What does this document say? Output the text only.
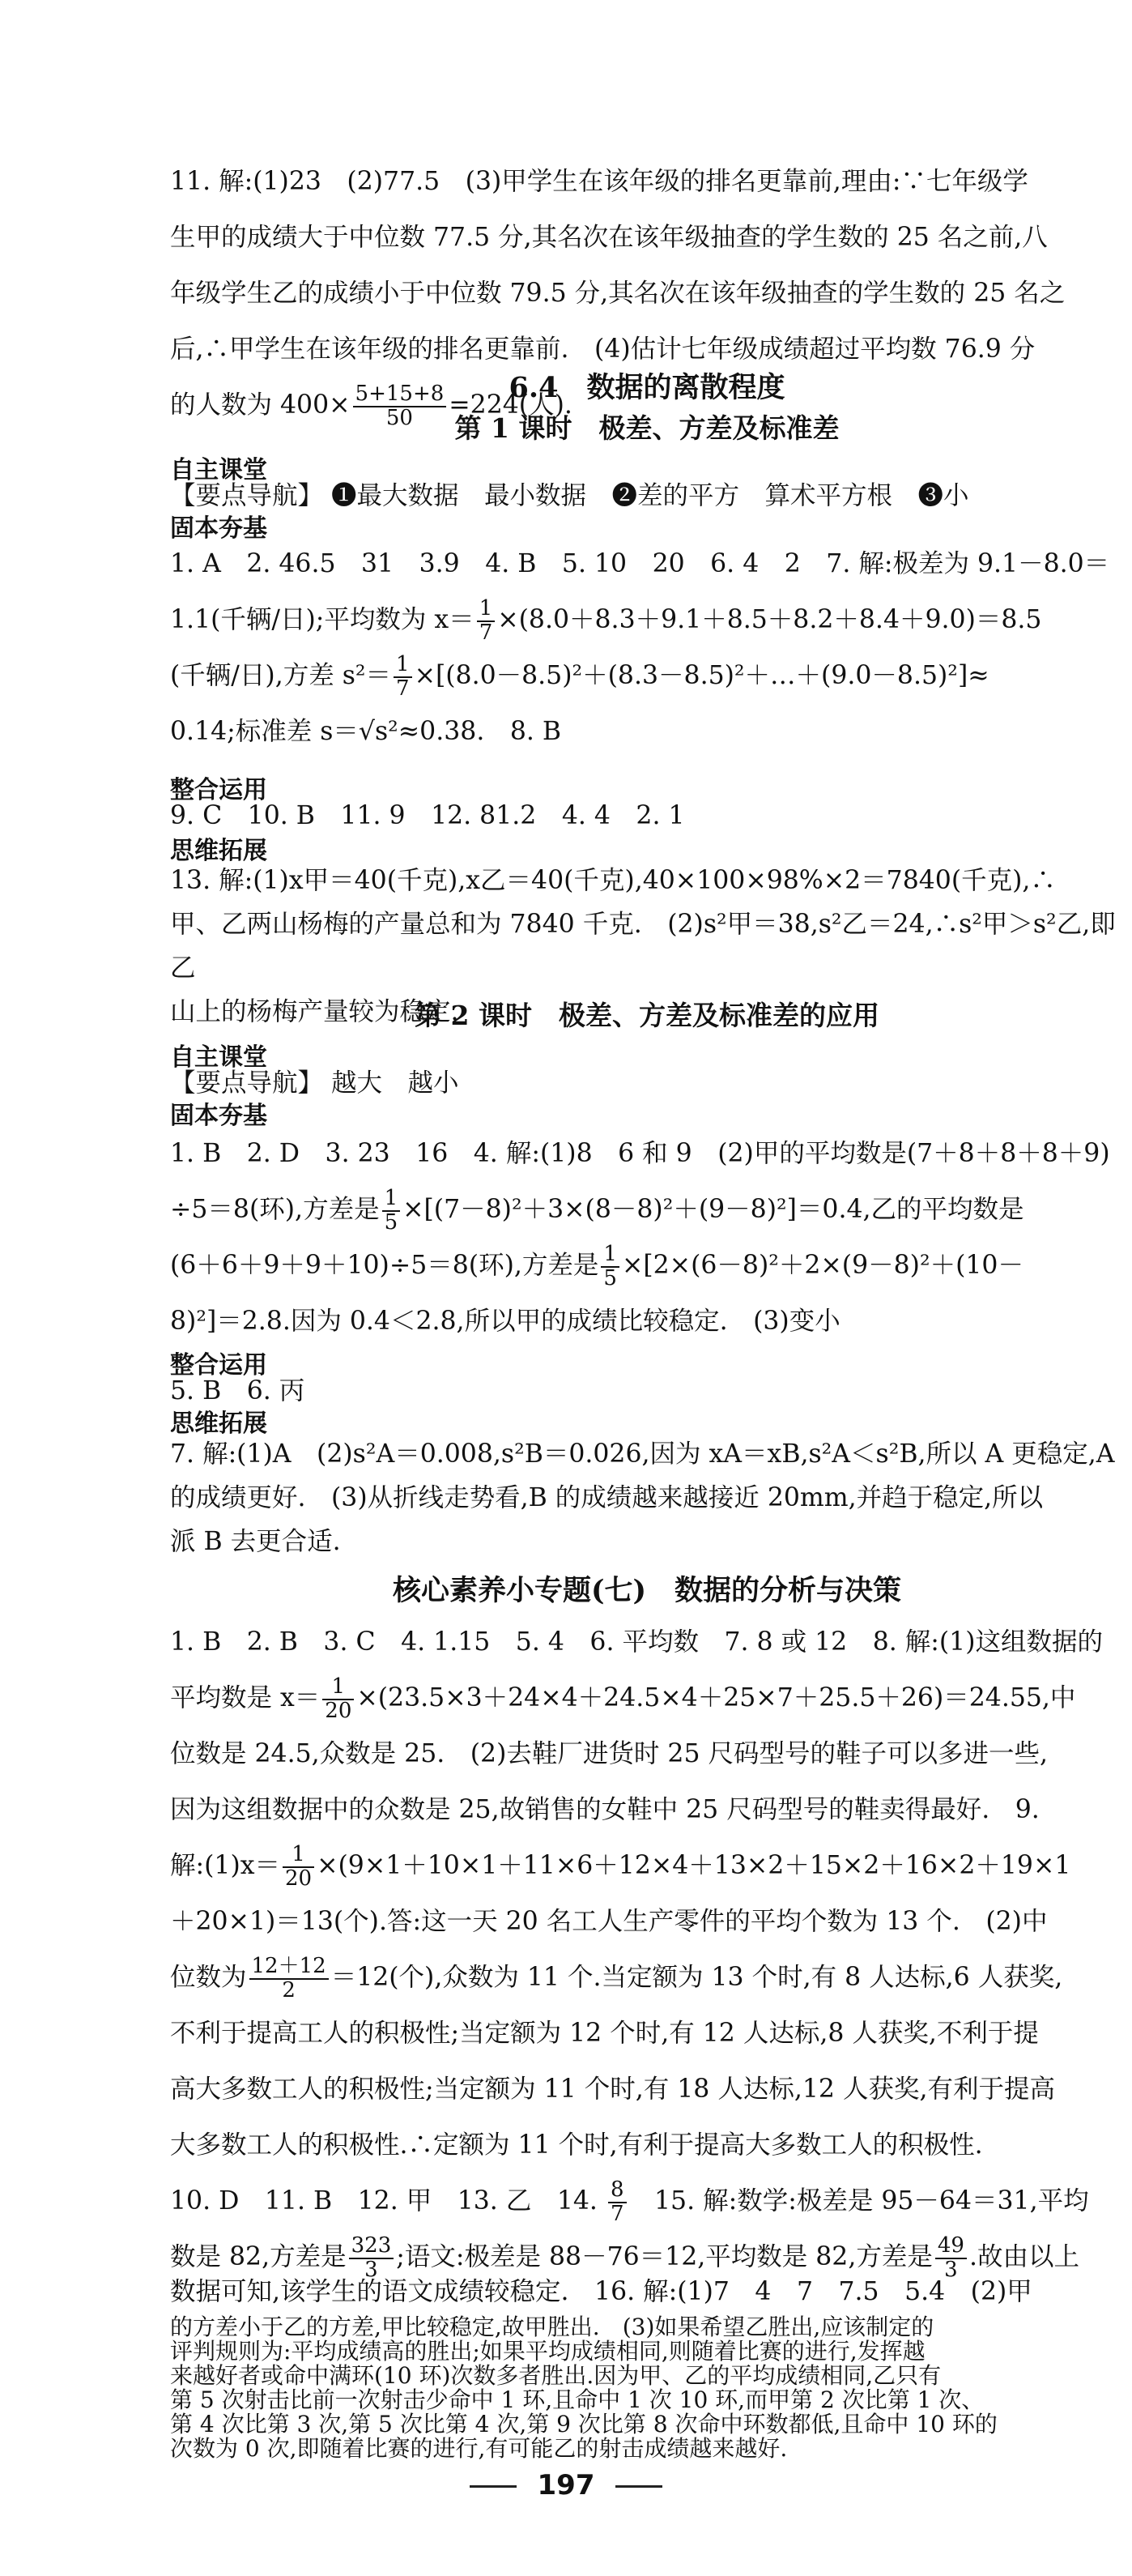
11. 解:(1)23　(2)77.5　(3)甲学生在该年级的排名更靠前,理由:∵七年级学
生甲的成绩大于中位数 77.5 分,其名次在该年级抽查的学生数的 25 名之前,八
年级学生乙的成绩小于中位数 79.5 分,其名次在该年级抽查的学生数的 25 名之
后,∴甲学生在该年级的排名更靠前.　(4)估计七年级成绩超过平均数 76.9 分
的人数为 $400\times \frac{5+15+8}{50} =224$(人).
6.4　数据的离散程度
第 1 课时　极差、方差及标准差
自主课堂
【要点导航】 ❶最大数据　最小数据　❷差的平方　算术平方根　❸小
固本夯基
1. A　2. 46.5　31　3.9　4. B　5. 10　20　6. 4　2　7. 解:极差为 9.1－8.0＝
1.1(千辆/日);平均数为 $x= \frac{1}{7} \times(8.0+8.3+9.1+8.5+8.2+8.4+9.0)=8.5$
(千辆/日),方差 $s^2= \frac{1}{7}$ ×[(8.0－8.5)²＋(8.3－8.5)²＋…＋(9.0－8.5)²]≈
0.14;标准差 s＝√s²≈0.38.　8. B
整合运用
9. C　10. B　11. 9　12. 81.2　4. 4　2. 1
思维拓展
13. 解:(1)x甲＝40(千克),x乙＝40(千克),40×100×98%×2＝7840(千克),∴
甲、乙两山杨梅的产量总和为 7840 千克.　(2)s²甲＝38,s²乙＝24,∴s²甲＞s²乙,即乙
山上的杨梅产量较为稳定.
第 2 课时　极差、方差及标准差的应用
自主课堂
【要点导航】 越大　越小
固本夯基
1. B　2. D　3. 23　16　4. 解:(1)8　6 和 9　(2)甲的平均数是(7＋8＋8＋8＋9)
÷5＝8(环),方差是 $\frac{1}{5} \times[(7-8)^2+3\times(8-8)^2+(9-8)^2]=0.4$,乙的平均数是
(6＋6＋9＋9＋10)÷5＝8(环),方差是 $\frac{1}{5} \times[2\times(6-8)^2+2\times(9-8)^2+(10-$
8)²]＝2.8.因为 0.4＜2.8,所以甲的成绩比较稳定.　(3)变小
整合运用
5. B　6. 丙
思维拓展
7. 解:(1)A　(2)s²A＝0.008,s²B＝0.026,因为 xA＝xB,s²A＜s²B,所以 A 更稳定,A
的成绩更好.　(3)从折线走势看,B 的成绩越来越接近 20mm,并趋于稳定,所以
派 B 去更合适.
核心素养小专题(七)　数据的分析与决策
1. B　2. B　3. C　4. 1.15　5. 4　6. 平均数　7. 8 或 12　8. 解:(1)这组数据的
平均数是 $x= \frac{1}{20} \times(23.5\times 3+24\times 4+24.5\times 4+25\times 7+25.5+26)=24.55$,中
位数是 24.5,众数是 25.　(2)去鞋厂进货时 25 尺码型号的鞋子可以多进一些,
因为这组数据中的众数是 25,故销售的女鞋中 25 尺码型号的鞋卖得最好.　9.
解:(1)x＝ $\frac{1}{20} \times(9\times 1+10\times 1+11\times 6+12\times 4+13\times 2+15\times 2+16\times 2+19\times 1$
＋20×1)＝13(个).答:这一天 20 名工人生产零件的平均个数为 13 个.　(2)中
位数为 $\frac{12+12}{2} =12$(个),众数为 11 个.当定额为 13 个时,有 8 人达标,6 人获奖,
不利于提高工人的积极性;当定额为 12 个时,有 12 人达标,8 人获奖,不利于提
高大多数工人的积极性;当定额为 11 个时,有 18 人达标,12 人获奖,有利于提高
大多数工人的积极性.∴定额为 11 个时,有利于提高大多数工人的积极性.
10. D　11. B　12. 甲　13. 乙　14. $\frac{8}{7}$ 　15. 解:数学:极差是 95－64＝31,平均
数是 82,方差是 $\frac{323}{3}$ ;语文:极差是 88－76＝12,平均数是 82,方差是 $\frac{49}{3}$ .故由以上
数据可知,该学生的语文成绩较稳定.　16. 解:(1)7　4　7　7.5　5.4　(2)甲
的方差小于乙的方差,甲比较稳定,故甲胜出.　(3)如果希望乙胜出,应该制定的
评判规则为:平均成绩高的胜出;如果平均成绩相同,则随着比赛的进行,发挥越
来越好者或命中满环(10 环)次数多者胜出.因为甲、乙的平均成绩相同,乙只有
第 5 次射击比前一次射击少命中 1 环,且命中 1 次 10 环,而甲第 2 次比第 1 次、
第 4 次比第 3 次,第 5 次比第 4 次,第 9 次比第 8 次命中环数都低,且命中 10 环的
次数为 0 次,即随着比赛的进行,有可能乙的射击成绩越来越好.
197
